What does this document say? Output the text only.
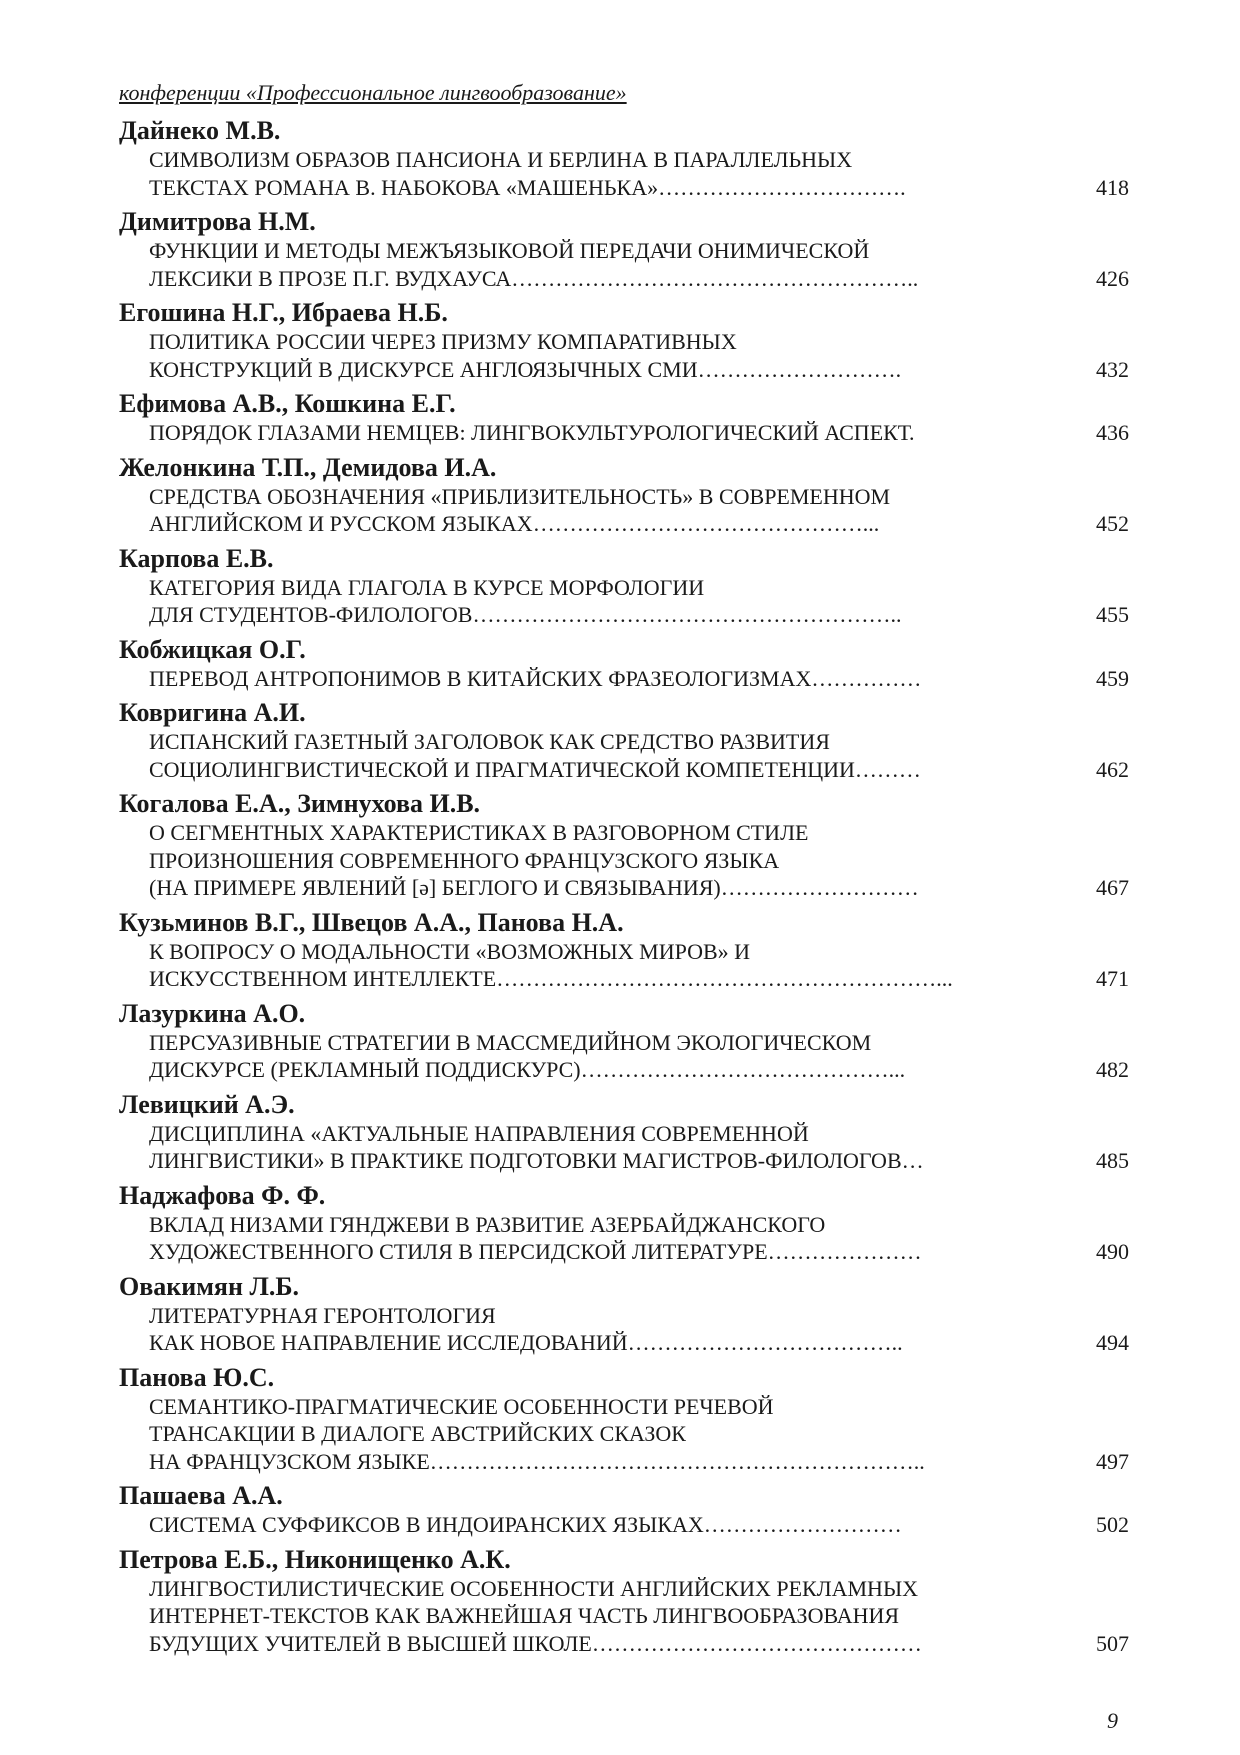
конференции «Профессиональное лингвообразование»
Дайнеко М.В.
СИМВОЛИЗМ ОБРАЗОВ ПАНСИОНА И БЕРЛИНА В ПАРАЛЛЕЛЬНЫХ
ТЕКСТАХ РОМАНА В. НАБОКОВА «МАШЕНЬКА»…………………………….	418
Димитрова Н.М.
ФУНКЦИИ И МЕТОДЫ МЕЖЪЯЗЫКОВОЙ ПЕРЕДАЧИ ОНИМИЧЕСКОЙ
ЛЕКСИКИ В ПРОЗЕ П.Г. ВУДХАУСА………………………………………………..	426
Егошина Н.Г., Ибраева Н.Б.
ПОЛИТИКА РОССИИ ЧЕРЕЗ ПРИЗМУ КОМПАРАТИВНЫХ
КОНСТРУКЦИЙ В ДИСКУРСЕ АНГЛОЯЗЫЧНЫХ СМИ……………………….	432
Ефимова А.В., Кошкина Е.Г.
ПОРЯДОК ГЛАЗАМИ НЕМЦЕВ: ЛИНГВОКУЛЬТУРОЛОГИЧЕСКИЙ АСПЕКТ.	436
Желонкина Т.П., Демидова И.А.
СРЕДСТВА ОБОЗНАЧЕНИЯ «ПРИБЛИЗИТЕЛЬНОСТЬ» В СОВРЕМЕННОМ
АНГЛИЙСКОМ И РУССКОМ ЯЗЫКАХ………………………………………...	452
Карпова Е.В.
КАТЕГОРИЯ ВИДА ГЛАГОЛА В КУРСЕ МОРФОЛОГИИ
ДЛЯ СТУДЕНТОВ-ФИЛОЛОГОВ…………………………………………………..	455
Кобжицкая О.Г.
ПЕРЕВОД АНТРОПОНИМОВ В КИТАЙСКИХ ФРАЗЕОЛОГИЗМАХ……………	459
Ковригина А.И.
ИСПАНСКИЙ ГАЗЕТНЫЙ ЗАГОЛОВОК КАК СРЕДСТВО РАЗВИТИЯ
СОЦИОЛИНГВИСТИЧЕСКОЙ И ПРАГМАТИЧЕСКОЙ КОМПЕТЕНЦИИ………	462
Когалова Е.А., Зимнухова И.В.
О СЕГМЕНТНЫХ ХАРАКТЕРИСТИКАХ В РАЗГОВОРНОМ СТИЛЕ
ПРОИЗНОШЕНИЯ СОВРЕМЕННОГО ФРАНЦУЗСКОГО ЯЗЫКА
(НА ПРИМЕРЕ ЯВЛЕНИЙ [ə] БЕГЛОГО И СВЯЗЫВАНИЯ)………………………	467
Кузьминов В.Г., Швецов А.А., Панова Н.А.
К ВОПРОСУ О МОДАЛЬНОСТИ «ВОЗМОЖНЫХ МИРОВ» И
ИСКУССТВЕННОМ ИНТЕЛЛЕКТЕ……………………………………………………...	471
Лазуркина А.О.
ПЕРСУАЗИВНЫЕ СТРАТЕГИИ В МАССМЕДИЙНОМ ЭКОЛОГИЧЕСКОМ
ДИСКУРСЕ (РЕКЛАМНЫЙ ПОДДИСКУРС)……………………………………...	482
Левицкий А.Э.
ДИСЦИПЛИНА «АКТУАЛЬНЫЕ НАПРАВЛЕНИЯ СОВРЕМЕННОЙ
ЛИНГВИСТИКИ» В ПРАКТИКЕ ПОДГОТОВКИ МАГИСТРОВ-ФИЛОЛОГОВ…	485
Наджафова Ф. Ф.
ВКЛАД НИЗАМИ ГЯНДЖЕВИ В РАЗВИТИЕ АЗЕРБАЙДЖАНСКОГО
ХУДОЖЕСТВЕННОГО СТИЛЯ В ПЕРСИДСКОЙ ЛИТЕРАТУРЕ…………………	490
Овакимян Л.Б.
ЛИТЕРАТУРНАЯ ГЕРОНТОЛОГИЯ
КАК НОВОЕ НАПРАВЛЕНИЕ ИССЛЕДОВАНИЙ………………………………..	494
Панова Ю.С.
СЕМАНТИКО-ПРАГМАТИЧЕСКИЕ ОСОБЕННОСТИ РЕЧЕВОЙ
ТРАНСАКЦИИ В ДИАЛОГЕ АВСТРИЙСКИХ СКАЗОК
НА ФРАНЦУЗСКОМ ЯЗЫКЕ…………………………………………………………..	497
Пашаева А.А.
СИСТЕМА СУФФИКСОВ В ИНДОИРАНСКИХ ЯЗЫКАХ………………………	502
Петрова Е.Б., Никонищенко А.К.
ЛИНГВОСТИЛИСТИЧЕСКИЕ ОСОБЕННОСТИ АНГЛИЙСКИХ РЕКЛАМНЫХ
ИНТЕРНЕТ-ТЕКСТОВ КАК ВАЖНЕЙШАЯ ЧАСТЬ ЛИНГВООБРАЗОВАНИЯ
БУДУЩИХ УЧИТЕЛЕЙ В ВЫСШЕЙ ШКОЛЕ………………………………………	507
9
